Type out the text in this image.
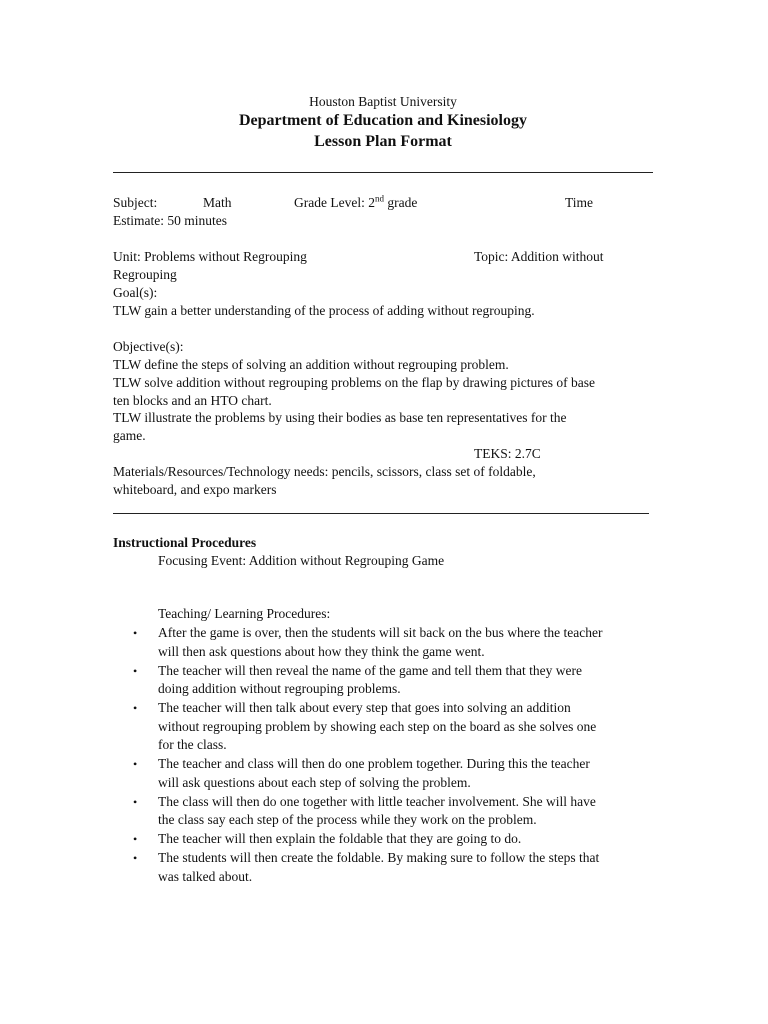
Houston Baptist University
Department of Education and Kinesiology
Lesson Plan Format
Subject:	Math	Grade Level: 2nd grade	Time
Estimate: 50 minutes
Unit: Problems without Regrouping	Topic: Addition without
Regrouping
Goal(s):
TLW gain a better understanding of the process of adding without regrouping.
Objective(s):
TLW define the steps of solving an addition without regrouping problem.
TLW solve addition without regrouping problems on the flap by drawing pictures of base
ten blocks and an HTO chart.
TLW illustrate the problems by using their bodies as base ten representatives for the
game.
TEKS: 2.7C
Materials/Resources/Technology needs: pencils, scissors, class set of foldable,
whiteboard, and expo markers
Instructional Procedures
Focusing Event: Addition without Regrouping Game
Teaching/ Learning Procedures:
• After the game is over, then the students will sit back on the bus where the teacher
will then ask questions about how they think the game went.
• The teacher will then reveal the name of the game and tell them that they were
doing addition without regrouping problems.
• The teacher will then talk about every step that goes into solving an addition
without regrouping problem by showing each step on the board as she solves one
for the class.
• The teacher and class will then do one problem together. During this the teacher
will ask questions about each step of solving the problem.
• The class will then do one together with little teacher involvement. She will have
the class say each step of the process while they work on the problem.
• The teacher will then explain the foldable that they are going to do.
• The students will then create the foldable. By making sure to follow the steps that
was talked about.
